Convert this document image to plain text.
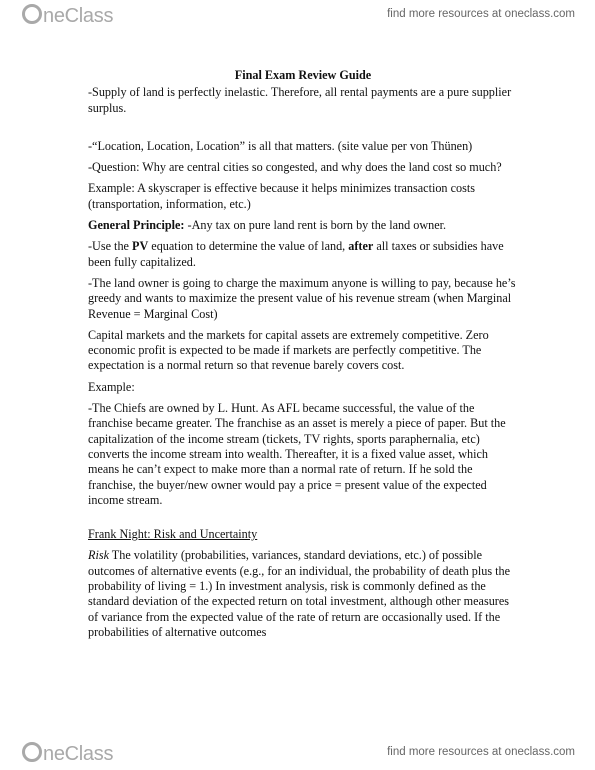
neClass	find more resources at oneclass.com
Final Exam Review Guide

-Supply of land is perfectly inelastic. Therefore, all rental payments are a pure supplier surplus.

-“Location, Location, Location” is all that matters. (site value per von Thünen)

-Question: Why are central cities so congested, and why does the land cost so much?

Example: A skyscraper is effective because it helps minimizes transaction costs (transportation, information, etc.)

General Principle: -Any tax on pure land rent is born by the land owner.

-Use the PV equation to determine the value of land, after all taxes or subsidies have been fully capitalized.

-The land owner is going to charge the maximum anyone is willing to pay, because he’s greedy and wants to maximize the present value of his revenue stream (when Marginal Revenue = Marginal Cost)

Capital markets and the markets for capital assets are extremely competitive. Zero economic profit is expected to be made if markets are perfectly competitive. The expectation is a normal return so that revenue barely covers cost.

Example:

-The Chiefs are owned by L. Hunt. As AFL became successful, the value of the franchise became greater. The franchise as an asset is merely a piece of paper. But the capitalization of the income stream (tickets, TV rights, sports paraphernalia, etc) converts the income stream into wealth. Thereafter, it is a fixed value asset, which means he can’t expect to make more than a normal rate of return. If he sold the franchise, the buyer/new owner would pay a price = present value of the expected income stream.

Frank Night: Risk and Uncertainty

Risk The volatility (probabilities, variances, standard deviations, etc.) of possible outcomes of alternative events (e.g., for an individual, the probability of death plus the probability of living = 1.) In investment analysis, risk is commonly defined as the standard deviation of the expected return on total investment, although other measures of variance from the expected value of the rate of return are occasionally used. If the probabilities of alternative outcomes

neClass	find more resources at oneclass.com
